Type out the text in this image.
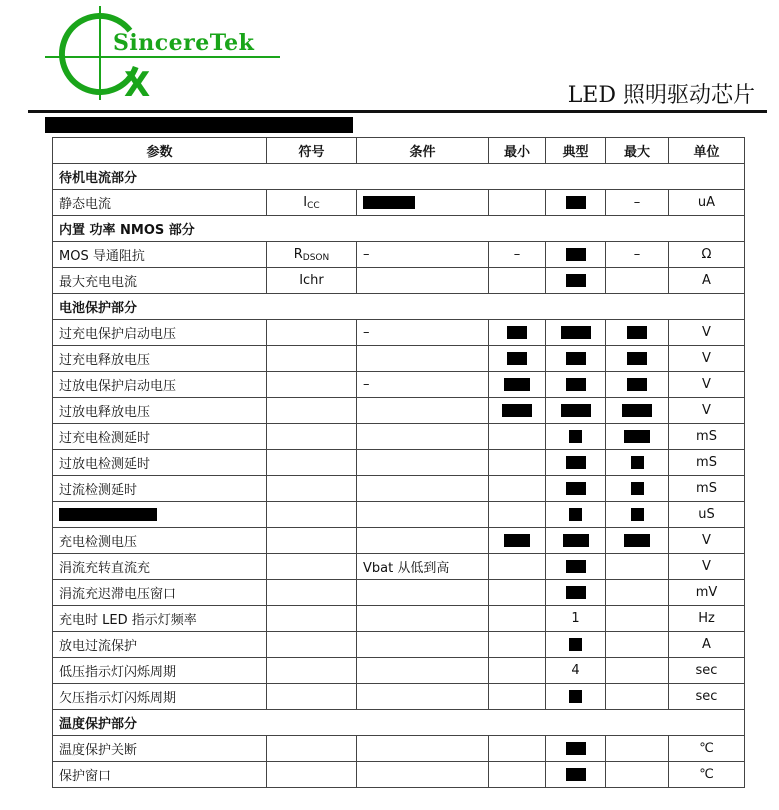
X
SincereTek
LED 照明驱动芯片
参数	符号	条件	最小	典型	最大	单位
待机电流部分						
静态电流	$I_{CC}$				–	uA
内置 功率 NMOS 部分						
MOS 导通阻抗	$R_{DSON}$	–	–		–	Ω
最大充电电流	Ichr					A
电池保护部分						
过充电保护启动电压		–				V
过充电释放电压						V
过放电保护启动电压		–				V
过放电释放电压						V
过充电检测延时						mS
过放电检测延时						mS
过流检测延时						mS
						uS
充电检测电压						V
涓流充转直流充		Vbat 从低到高				V
涓流充迟滞电压窗口						mV
充电时 LED 指示灯频率				1		Hz
放电过流保护						A
低压指示灯闪烁周期				4		sec
欠压指示灯闪烁周期						sec
温度保护部分						
温度保护关断						℃
保护窗口						℃
